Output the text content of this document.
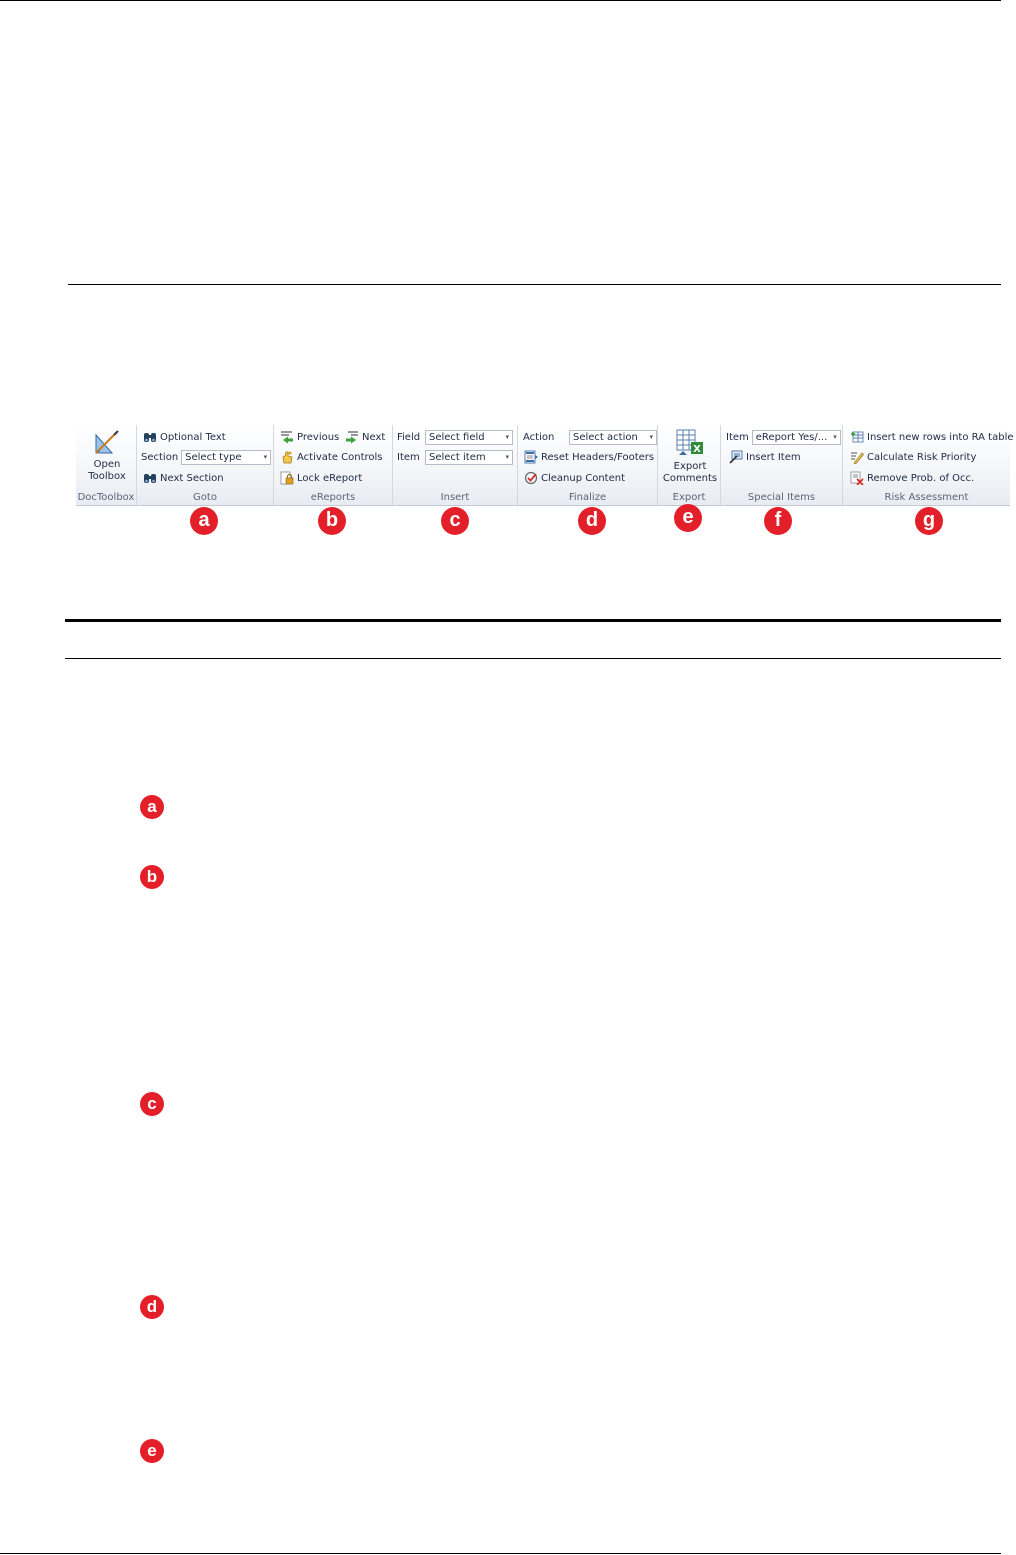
Open
Toolbox
DocToolbox
Optional Text
Section Select type	▾
Next Section
Goto
Previous Next
Activate Controls
Lock eReport
eReports
Field Select field	▾
Item Select item	▾
Insert
Action	Select action ▾
Reset Headers/Footers
Cleanup Content
Finalize
X
Export
Comments
Export
Item eReport Yes/... ▾
Insert Item
Special Items
Insert new rows into RA table
Calculate Risk Priority
Remove Prob. of Occ.
Risk Assessment
a	b	c	d	e	f	g
a
b
c
d
e
